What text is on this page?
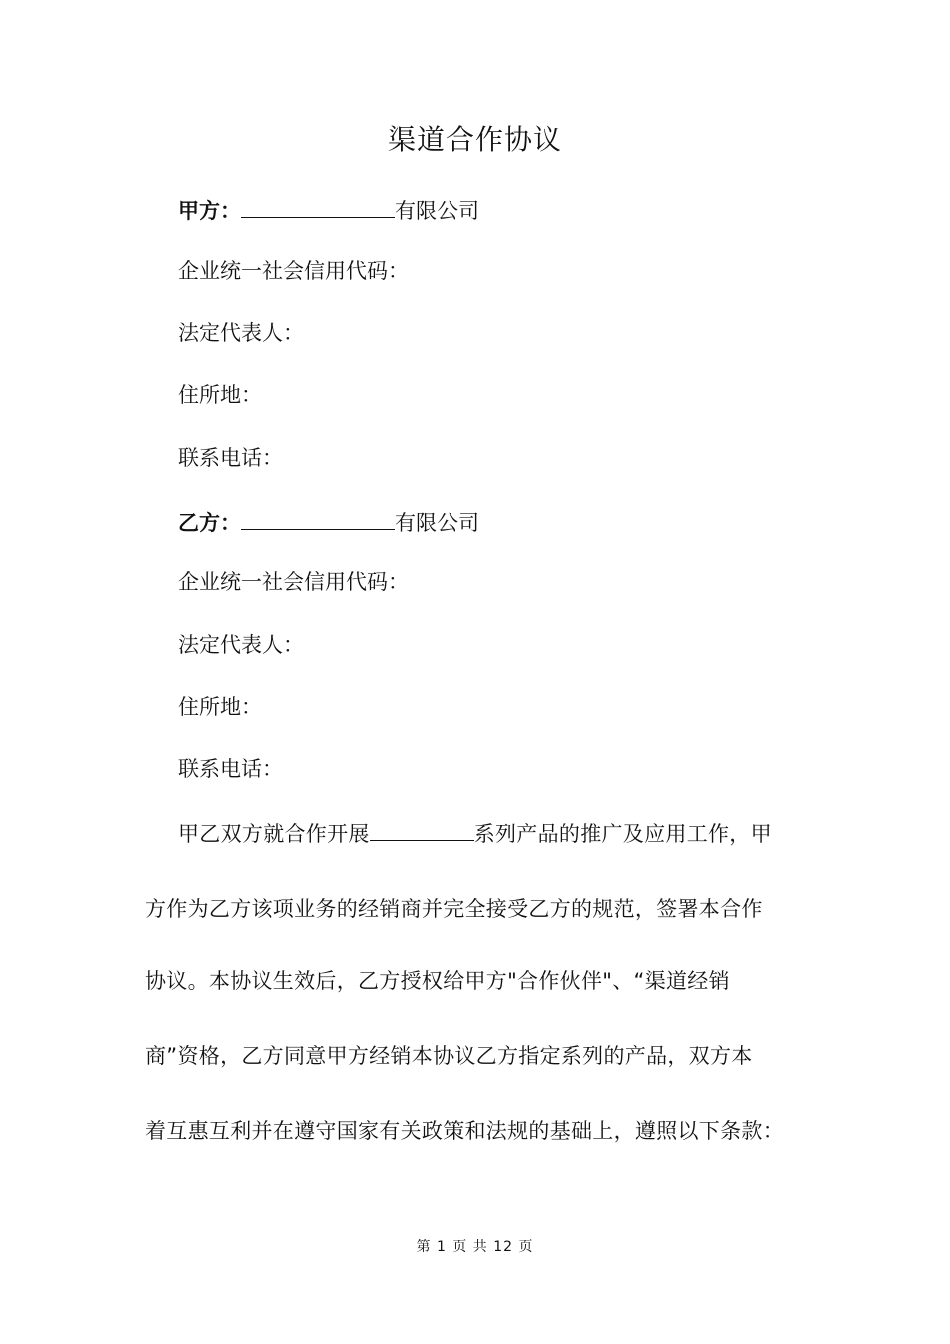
渠道合作协议
甲方：	有限公司
企业统一社会信用代码：
法定代表人：
住所地：
联系电话：
乙方：	有限公司
企业统一社会信用代码：
法定代表人：
住所地：
联系电话：
甲乙双方就合作开展	系列产品的推广及应用工作，甲
方作为乙方该项业务的经销商并完全接受乙方的规范，签署本合作
协议。本协议生效后，乙方授权给甲方"合作伙伴"、“渠道经销
商”资格，乙方同意甲方经销本协议乙方指定系列的产品，双方本
着互惠互利并在遵守国家有关政策和法规的基础上，遵照以下条款：
第 1 页 共 12 页
